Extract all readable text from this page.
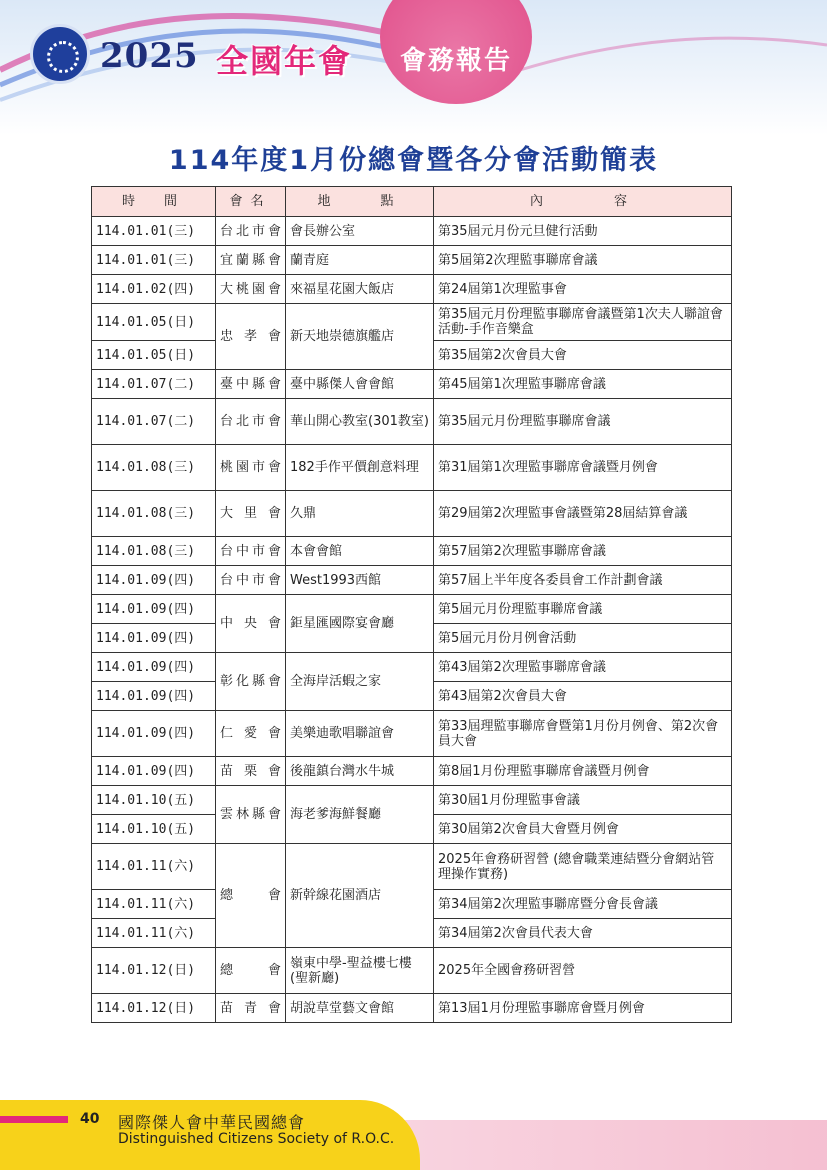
2025 全國年會	會務報告
114年度1月份總會暨各分會活動簡表
時　間	會名	地　　點	內　　　容
114.01.01(三)	台北市會	會長辦公室	第35屆元月份元旦健行活動
114.01.01(三)	宜蘭縣會	蘭青庭	第5屆第2次理監事聯席會議
114.01.02(四)	大桃園會	來福星花園大飯店	第24屆第1次理監事會
114.01.05(日)	忠孝會	新天地崇德旗艦店	第35屆元月份理監事聯席會議暨第1次夫人聯誼會活動-手作音樂盒
114.01.05(日)			第35屆第2次會員大會
114.01.07(二)	臺中縣會	臺中縣傑人會會館	第45屆第1次理監事聯席會議
114.01.07(二)	台北市會	華山開心教室(301教室)	第35屆元月份理監事聯席會議
114.01.08(三)	桃園市會	182手作平價創意料理	第31屆第1次理監事聯席會議暨月例會
114.01.08(三)	大里會	久鼎	第29屆第2次理監事會議暨第28屆結算會議
114.01.08(三)	台中市會	本會會館	第57屆第2次理監事聯席會議
114.01.09(四)	台中市會	West1993西館	第57屆上半年度各委員會工作計劃會議
114.01.09(四)	中央會	鉅星匯國際宴會廳	第5屆元月份理監事聯席會議
114.01.09(四)			第5屆元月份月例會活動
114.01.09(四)	彰化縣會	全海岸活蝦之家	第43屆第2次理監事聯席會議
114.01.09(四)			第43屆第2次會員大會
114.01.09(四)	仁愛會	美樂迪歌唱聯誼會	第33屆理監事聯席會暨第1月份月例會、第2次會員大會
114.01.09(四)	苗栗會	後龍鎮台灣水牛城	第8屆1月份理監事聯席會議暨月例會
114.01.10(五)	雲林縣會	海老爹海鮮餐廳	第30屆1月份理監事會議
114.01.10(五)			第30屆第2次會員大會暨月例會
114.01.11(六)	總會	新幹線花園酒店	2025年會務研習營 (總會職業連結暨分會網站管理操作實務)
114.01.11(六)			第34屆第2次理監事聯席暨分會長會議
114.01.11(六)			第34屆第2次會員代表大會
114.01.12(日)	總會	嶺東中學-聖益樓七樓(聖新廳)	2025年全國會務研習營
114.01.12(日)	苗青會	胡說草堂藝文會館	第13屆1月份理監事聯席會暨月例會
40 國際傑人會中華民國總會
Distinguished Citizens Society of R.O.C.
